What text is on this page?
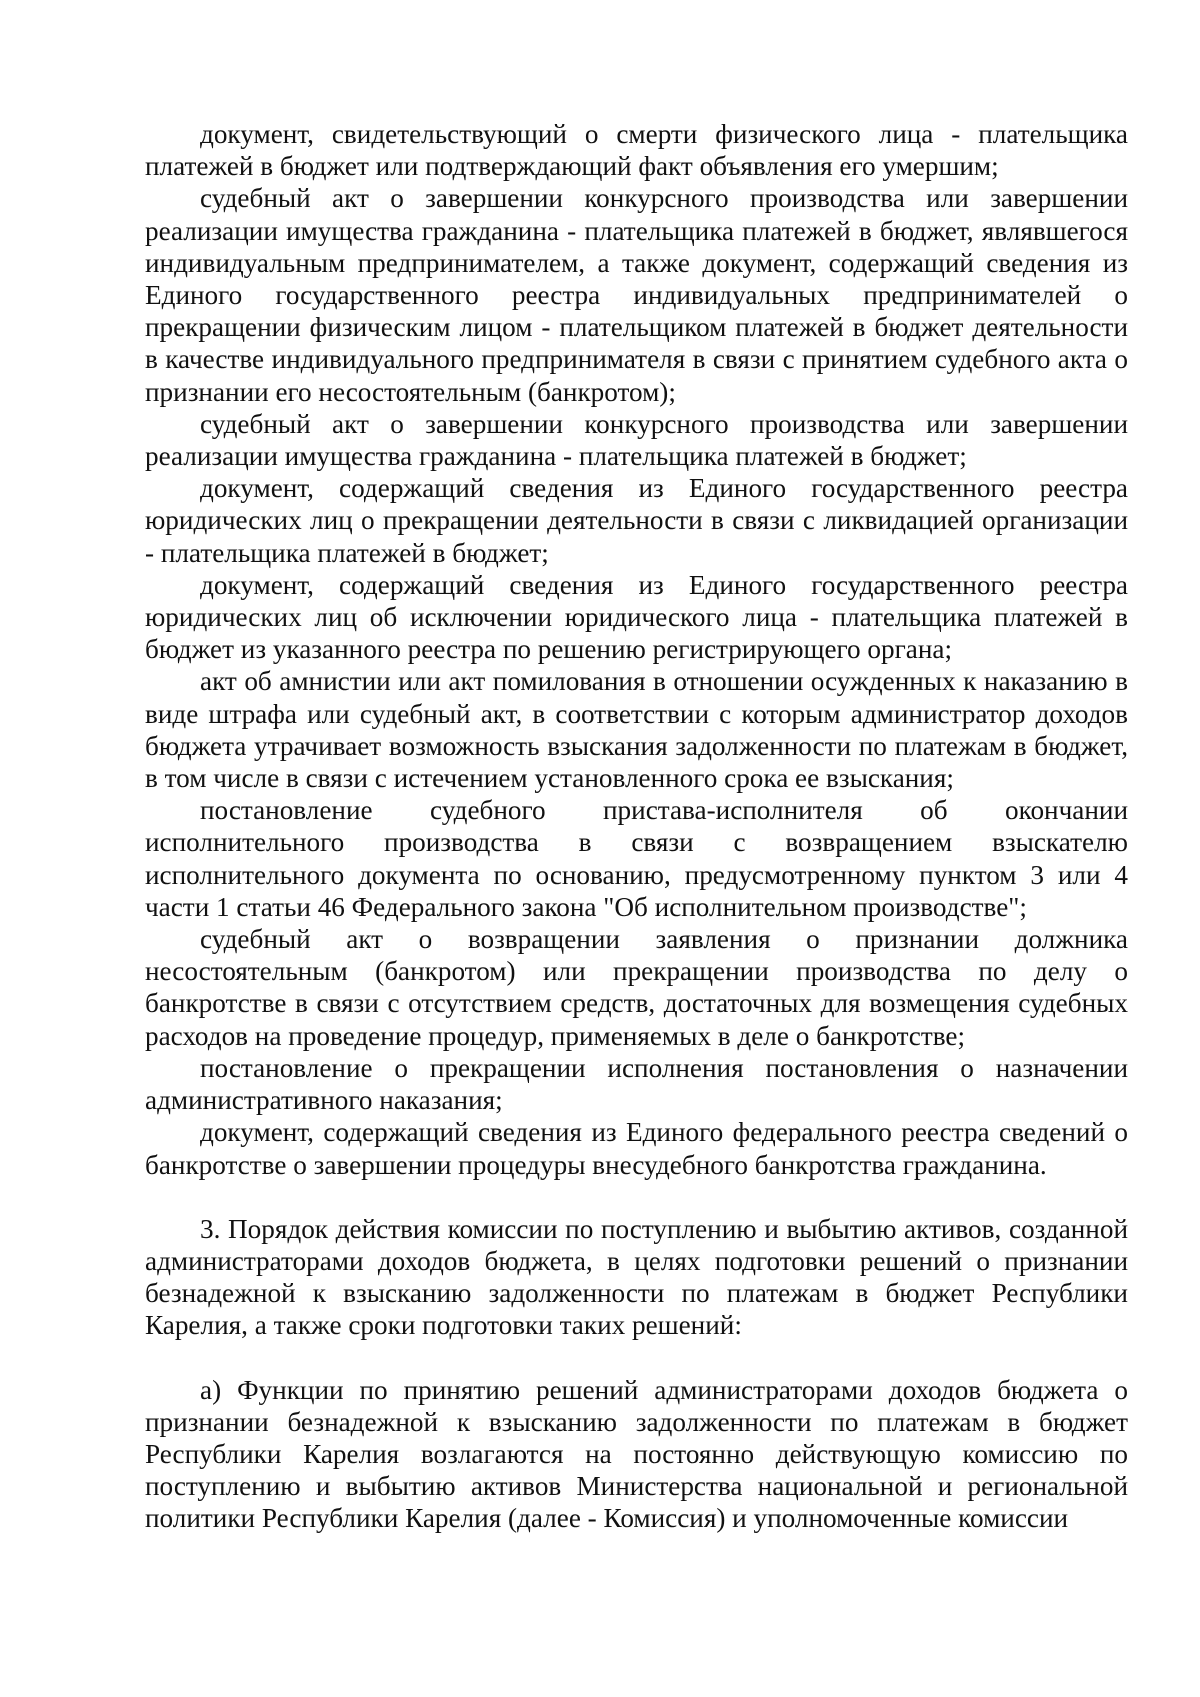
документ, свидетельствующий о смерти физического лица - плательщика платежей в бюджет или подтверждающий факт объявления его умершим;

судебный акт о завершении конкурсного производства или завершении реализации имущества гражданина - плательщика платежей в бюджет, являвшегося индивидуальным предпринимателем, а также документ, содержащий сведения из Единого государственного реестра индивидуальных предпринимателей о прекращении физическим лицом - плательщиком платежей в бюджет деятельности в качестве индивидуального предпринимателя в связи с принятием судебного акта о признании его несостоятельным (банкротом);

судебный акт о завершении конкурсного производства или завершении реализации имущества гражданина - плательщика платежей в бюджет;

документ, содержащий сведения из Единого государственного реестра юридических лиц о прекращении деятельности в связи с ликвидацией организации - плательщика платежей в бюджет;

документ, содержащий сведения из Единого государственного реестра юридических лиц об исключении юридического лица - плательщика платежей в бюджет из указанного реестра по решению регистрирующего органа;

акт об амнистии или акт помилования в отношении осужденных к наказанию в виде штрафа или судебный акт, в соответствии с которым администратор доходов бюджета утрачивает возможность взыскания задолженности по платежам в бюджет, в том числе в связи с истечением установленного срока ее взыскания;

постановление судебного пристава-исполнителя об окончании исполнительного производства в связи с возвращением взыскателю исполнительного документа по основанию, предусмотренному пунктом 3 или 4 части 1 статьи 46 Федерального закона "Об исполнительном производстве";

судебный акт о возвращении заявления о признании должника несостоятельным (банкротом) или прекращении производства по делу о банкротстве в связи с отсутствием средств, достаточных для возмещения судебных расходов на проведение процедур, применяемых в деле о банкротстве;

постановление о прекращении исполнения постановления о назначении административного наказания;

документ, содержащий сведения из Единого федерального реестра сведений о банкротстве о завершении процедуры внесудебного банкротства гражданина.

3. Порядок действия комиссии по поступлению и выбытию активов, созданной администраторами доходов бюджета, в целях подготовки решений о признании безнадежной к взысканию задолженности по платежам в бюджет Республики Карелия, а также сроки подготовки таких решений:

а) Функции по принятию решений администраторами доходов бюджета о признании безнадежной к взысканию задолженности по платежам в бюджет Республики Карелия возлагаются на постоянно действующую комиссию по поступлению и выбытию активов Министерства национальной и региональной политики Республики Карелия (далее - Комиссия) и уполномоченные комиссии
